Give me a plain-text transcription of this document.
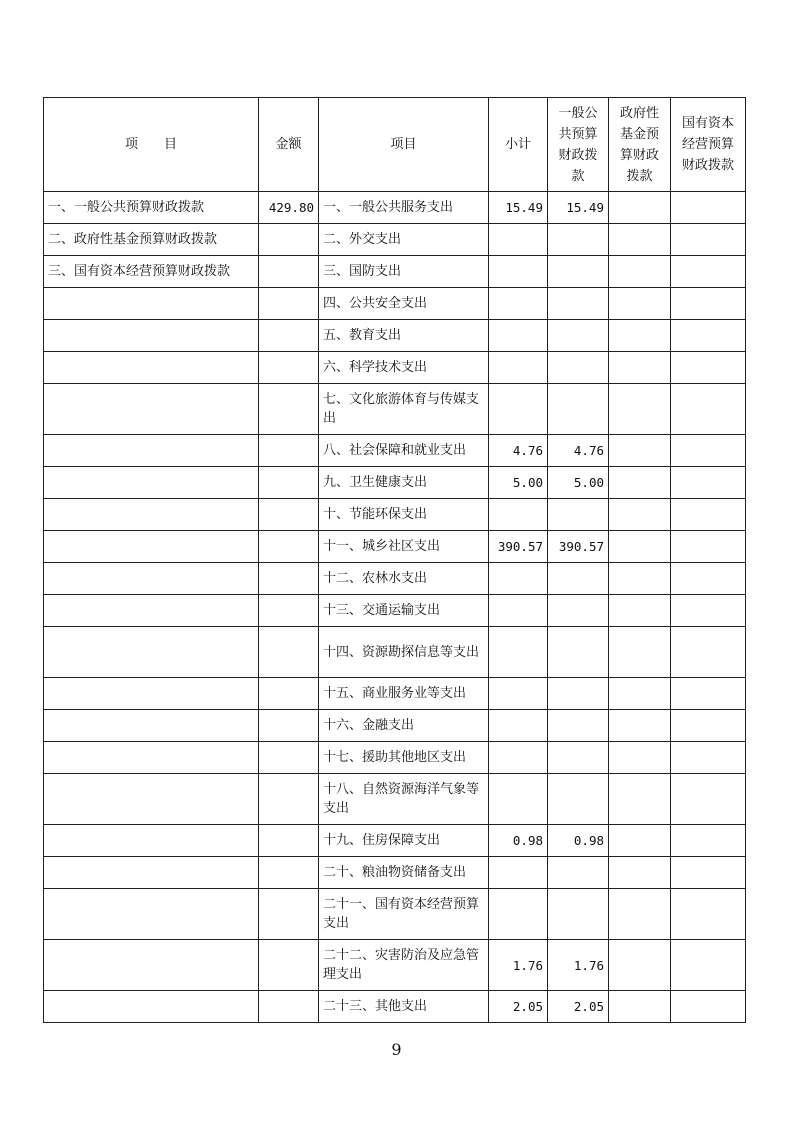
项　　目	金额	项目	小计	一般公共预算财政拨款	政府性基金预算财政拨款	国有资本经营预算财政拨款
一、一般公共预算财政拨款	429.80	一、一般公共服务支出	15.49	15.49		
二、政府性基金预算财政拨款		二、外交支出				
三、国有资本经营预算财政拨款		三、国防支出				
		四、公共安全支出				
		五、教育支出				
		六、科学技术支出				
		七、文化旅游体育与传媒支出				
		八、社会保障和就业支出	4.76	4.76		
		九、卫生健康支出	5.00	5.00		
		十、节能环保支出				
		十一、城乡社区支出	390.57	390.57		
		十二、农林水支出				
		十三、交通运输支出				
		十四、资源勘探信息等支出				
		十五、商业服务业等支出				
		十六、金融支出				
		十七、援助其他地区支出				
		十八、自然资源海洋气象等支出				
		十九、住房保障支出	0.98	0.98		
		二十、粮油物资储备支出				
		二十一、国有资本经营预算支出				
		二十二、灾害防治及应急管理支出	1.76	1.76		
		二十三、其他支出	2.05	2.05		
9
